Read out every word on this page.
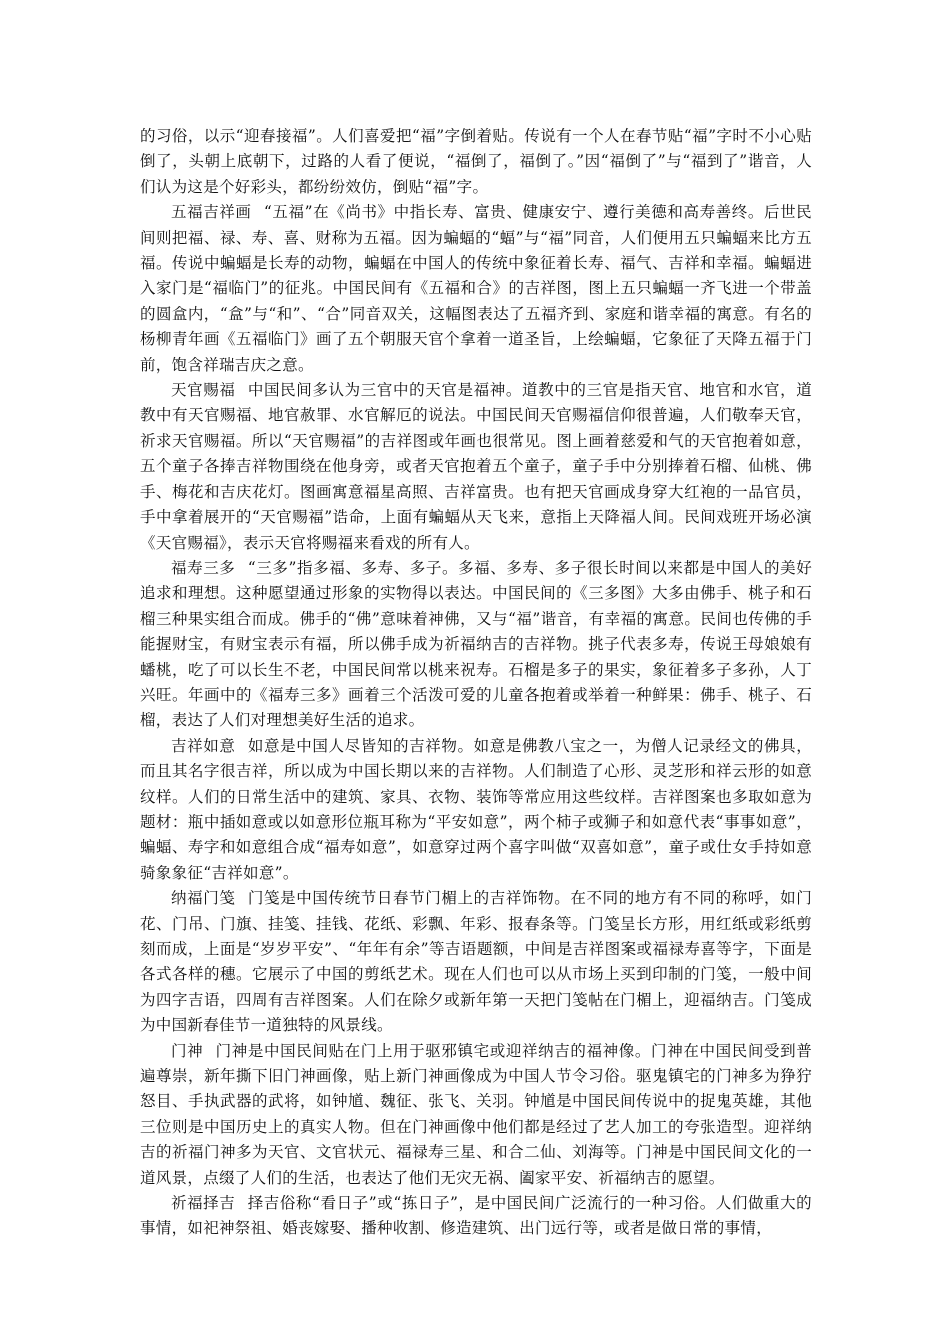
的习俗，以示“迎春接福”。人们喜爱把“福”字倒着贴。传说有一个人在春节贴“福”字时不小心贴倒了，头朝上底朝下，过路的人看了便说，“福倒了，福倒了。”因“福倒了”与“福到了”谐音，人们认为这是个好彩头，都纷纷效仿，倒贴“福”字。

五福吉祥画 “五福”在《尚书》中指长寿、富贵、健康安宁、遵行美德和高寿善终。后世民间则把福、禄、寿、喜、财称为五福。因为蝙蝠的“蝠”与“福”同音，人们便用五只蝙蝠来比方五福。传说中蝙蝠是长寿的动物，蝙蝠在中国人的传统中象征着长寿、福气、吉祥和幸福。蝙蝠进入家门是“福临门”的征兆。中国民间有《五福和合》的吉祥图，图上五只蝙蝠一齐飞进一个带盖的圆盒内，“盒”与“和”、“合”同音双关，这幅图表达了五福齐到、家庭和谐幸福的寓意。有名的杨柳青年画《五福临门》画了五个朝服天官个拿着一道圣旨，上绘蝙蝠，它象征了天降五福于门前，饱含祥瑞吉庆之意。

天官赐福 中国民间多认为三官中的天官是福神。道教中的三官是指天官、地官和水官，道教中有天官赐福、地官赦罪、水官解厄的说法。中国民间天官赐福信仰很普遍，人们敬奉天官，祈求天官赐福。所以“天官赐福”的吉祥图或年画也很常见。图上画着慈爱和气的天官抱着如意，五个童子各捧吉祥物围绕在他身旁，或者天官抱着五个童子，童子手中分别捧着石榴、仙桃、佛手、梅花和吉庆花灯。图画寓意福星高照、吉祥富贵。也有把天官画成身穿大红袍的一品官员，手中拿着展开的“天官赐福”诰命，上面有蝙蝠从天飞来，意指上天降福人间。民间戏班开场必演《天官赐福》，表示天官将赐福来看戏的所有人。

福寿三多 “三多”指多福、多寿、多子。多福、多寿、多子很长时间以来都是中国人的美好追求和理想。这种愿望通过形象的实物得以表达。中国民间的《三多图》大多由佛手、桃子和石榴三种果实组合而成。佛手的“佛”意味着神佛，又与“福”谐音，有幸福的寓意。民间也传佛的手能握财宝，有财宝表示有福，所以佛手成为祈福纳吉的吉祥物。挑子代表多寿，传说王母娘娘有蟠桃，吃了可以长生不老，中国民间常以桃来祝寿。石榴是多子的果实，象征着多子多孙，人丁兴旺。年画中的《福寿三多》画着三个活泼可爱的儿童各抱着或举着一种鲜果：佛手、桃子、石榴，表达了人们对理想美好生活的追求。

吉祥如意 如意是中国人尽皆知的吉祥物。如意是佛教八宝之一，为僧人记录经文的佛具，而且其名字很吉祥，所以成为中国长期以来的吉祥物。人们制造了心形、灵芝形和祥云形的如意纹样。人们的日常生活中的建筑、家具、衣物、装饰等常应用这些纹样。吉祥图案也多取如意为题材：瓶中插如意或以如意形位瓶耳称为“平安如意”，两个柿子或狮子和如意代表“事事如意”，蝙蝠、寿字和如意组合成“福寿如意”，如意穿过两个喜字叫做“双喜如意”，童子或仕女手持如意骑象象征“吉祥如意”。

纳福门笺 门笺是中国传统节日春节门楣上的吉祥饰物。在不同的地方有不同的称呼，如门花、门吊、门旗、挂笺、挂钱、花纸、彩飘、年彩、报春条等。门笺呈长方形，用红纸或彩纸剪刻而成，上面是“岁岁平安”、“年年有余”等吉语题额，中间是吉祥图案或福禄寿喜等字，下面是各式各样的穗。它展示了中国的剪纸艺术。现在人们也可以从市场上买到印制的门笺，一般中间为四字吉语，四周有吉祥图案。人们在除夕或新年第一天把门笺帖在门楣上，迎福纳吉。门笺成为中国新春佳节一道独特的风景线。

门神 门神是中国民间贴在门上用于驱邪镇宅或迎祥纳吉的福神像。门神在中国民间受到普遍尊崇，新年撕下旧门神画像，贴上新门神画像成为中国人节令习俗。驱鬼镇宅的门神多为狰狞怒目、手执武器的武将，如钟馗、魏征、张飞、关羽。钟馗是中国民间传说中的捉鬼英雄，其他三位则是中国历史上的真实人物。但在门神画像中他们都是经过了艺人加工的夸张造型。迎祥纳吉的祈福门神多为天官、文官状元、福禄寿三星、和合二仙、刘海等。门神是中国民间文化的一道风景，点缀了人们的生活，也表达了他们无灾无祸、阖家平安、祈福纳吉的愿望。

祈福择吉 择吉俗称“看日子”或“拣日子”，是中国民间广泛流行的一种习俗。人们做重大的事情，如祀神祭祖、婚丧嫁娶、播种收割、修造建筑、出门远行等，或者是做日常的事情，
